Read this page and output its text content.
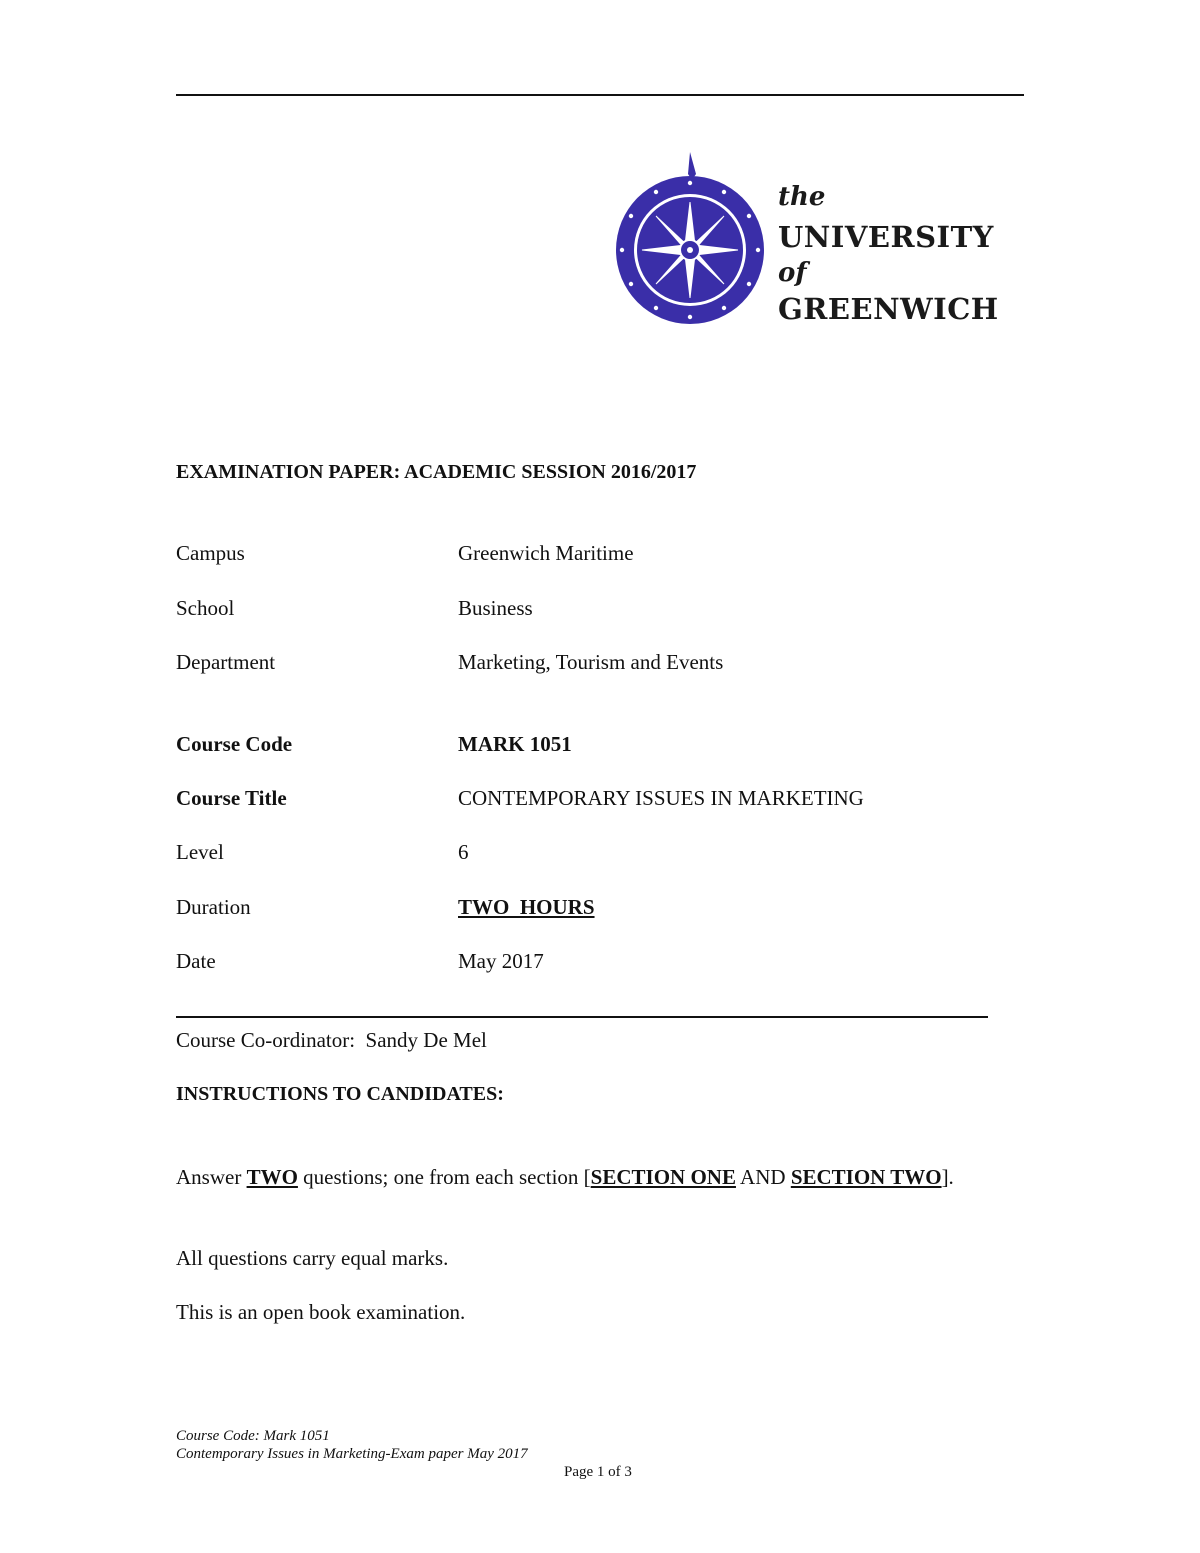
the
UNIVERSITY
of
GREENWICH
EXAMINATION PAPER: ACADEMIC SESSION 2016/2017
Campus	Greenwich Maritime
School	Business
Department	Marketing, Tourism and Events
Course Code	MARK 1051
Course Title	CONTEMPORARY ISSUES IN MARKETING
Level	6
Duration	TWO  HOURS
Date	May 2017
Course Co-ordinator:  Sandy De Mel
INSTRUCTIONS TO CANDIDATES:
Answer TWO questions; one from each section [SECTION ONE AND SECTION TWO].
All questions carry equal marks.
This is an open book examination.
Course Code: Mark 1051
Contemporary Issues in Marketing-Exam paper May 2017
Page 1 of 3
